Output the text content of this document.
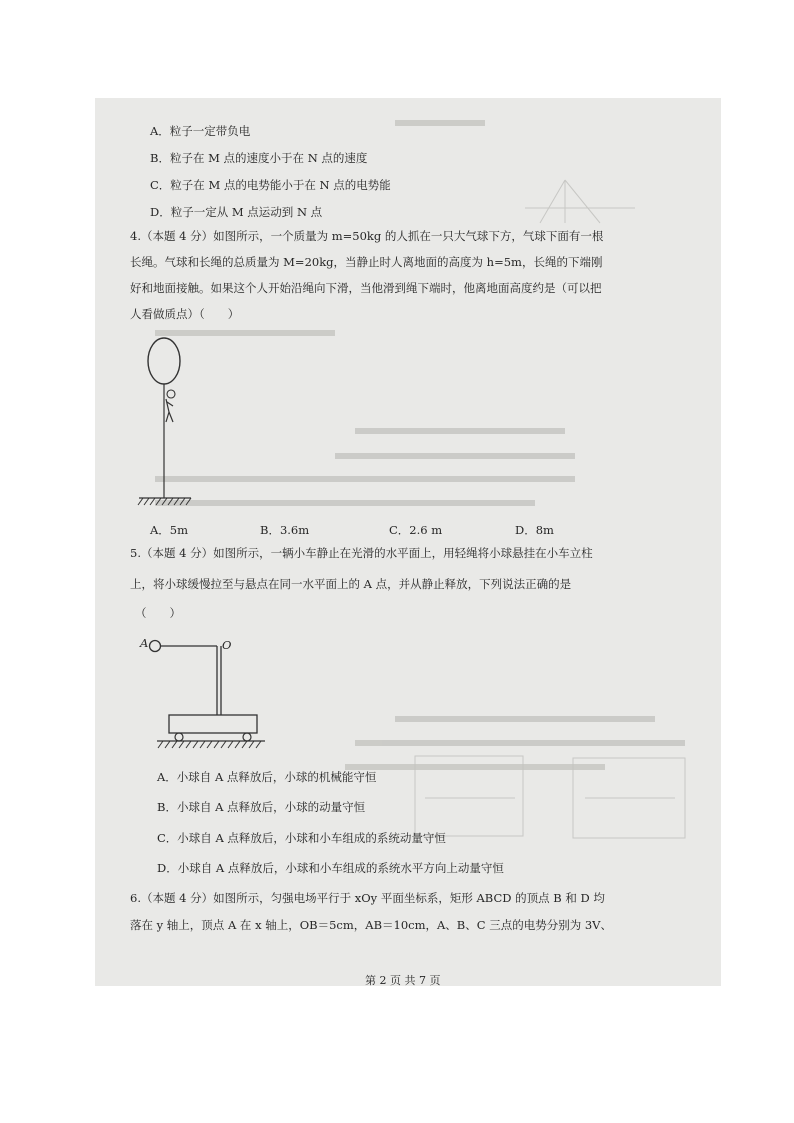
A．粒子一定带负电
B．粒子在 M 点的速度小于在 N 点的速度
C．粒子在 M 点的电势能小于在 N 点的电势能
D．粒子一定从 M 点运动到 N 点
4.（本题 4 分）如图所示，一个质量为 m=50kg 的人抓在一只大气球下方，气球下面有一根
长绳。气球和长绳的总质量为 M=20kg，当静止时人离地面的高度为 h=5m，长绳的下端刚
好和地面接触。如果这个人开始沿绳向下滑，当他滑到绳下端时，他离地面高度约是（可以把
人看做质点）（　　）
A．5m	B．3.6m	C．2.6 m	D．8m
5.（本题 4 分）如图所示，一辆小车静止在光滑的水平面上，用轻绳将小球悬挂在小车立柱
上，将小球缓慢拉至与悬点在同一水平面上的 A 点，并从静止释放，下列说法正确的是
（　　）
A	O
A．小球自 A 点释放后，小球的机械能守恒
B．小球自 A 点释放后，小球的动量守恒
C．小球自 A 点释放后，小球和小车组成的系统动量守恒
D．小球自 A 点释放后，小球和小车组成的系统水平方向上动量守恒
6.（本题 4 分）如图所示，匀强电场平行于 xOy 平面坐标系，矩形 ABCD 的顶点 B 和 D 均
落在 y 轴上，顶点 A 在 x 轴上，OB＝5cm，AB＝10cm，A、B、C 三点的电势分别为 3V、
第 2 页 共 7 页
